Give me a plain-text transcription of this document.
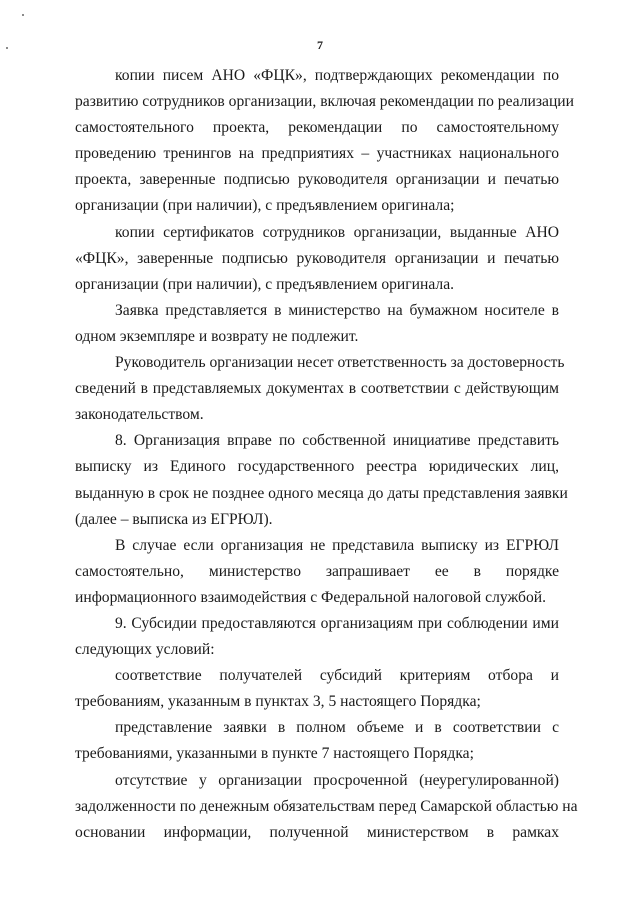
7
копии писем АНО «ФЦК», подтверждающих рекомендации по
развитию сотрудников организации, включая рекомендации по реализации
самостоятельного проекта, рекомендации по самостоятельному
проведению тренингов на предприятиях – участниках национального
проекта, заверенные подписью руководителя организации и печатью
организации (при наличии), с предъявлением оригинала;
копии сертификатов сотрудников организации, выданные АНО
«ФЦК», заверенные подписью руководителя организации и печатью
организации (при наличии), с предъявлением оригинала.
Заявка представляется в министерство на бумажном носителе в
одном экземпляре и возврату не подлежит.
Руководитель организации несет ответственность за достоверность
сведений в представляемых документах в соответствии с действующим
законодательством.
8. Организация вправе по собственной инициативе представить
выписку из Единого государственного реестра юридических лиц,
выданную в срок не позднее одного месяца до даты представления заявки
(далее – выписка из ЕГРЮЛ).
В случае если организация не представила выписку из ЕГРЮЛ
самостоятельно, министерство запрашивает ее в порядке
информационного взаимодействия с Федеральной налоговой службой.
9. Субсидии предоставляются организациям при соблюдении ими
следующих условий:
соответствие получателей субсидий критериям отбора и
требованиям, указанным в пунктах 3, 5 настоящего Порядка;
представление заявки в полном объеме и в соответствии с
требованиями, указанными в пункте 7 настоящего Порядка;
отсутствие у организации просроченной (неурегулированной)
задолженности по денежным обязательствам перед Самарской областью на
основании информации, полученной министерством в рамках
